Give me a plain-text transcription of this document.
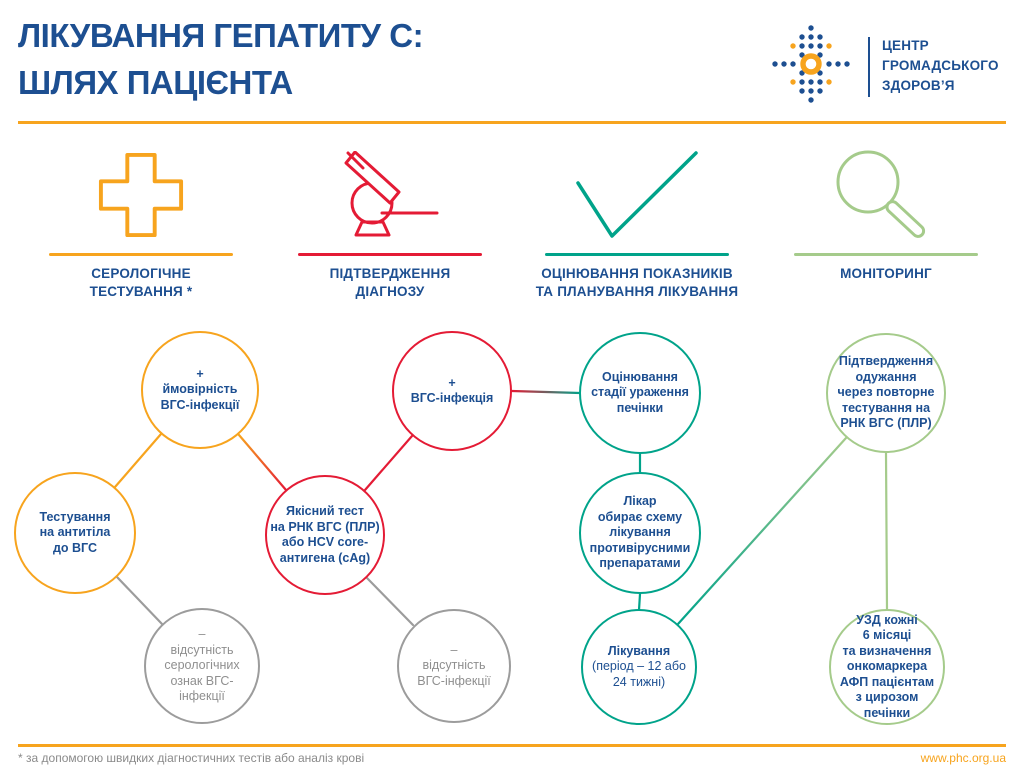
ЛІКУВАННЯ ГЕПАТИТУ С:
ШЛЯХ ПАЦІЄНТА
ЦЕНТР
ГРОМАДСЬКОГО
ЗДОРОВ’Я
СЕРОЛОГІЧНЕ
ТЕСТУВАННЯ *
ПІДТВЕРДЖЕННЯ
ДІАГНОЗУ
ОЦІНЮВАННЯ ПОКАЗНИКІВ
ТА ПЛАНУВАННЯ ЛІКУВАННЯ
МОНІТОРИНГ
+
ймовірність
ВГС-інфекції
Тестування
на антитіла
до ВГС
–
відсутність
серологічних
ознак ВГС-
інфекції
Якісний тест
на РНК ВГС (ПЛР)
або HCV core-
антигена (cAg)
+
ВГС-інфекція
–
відсутність
ВГС-інфекції
Оцінювання
стадії ураження
печінки
Лікар
обирає схему
лікування
противірусними
препаратами
Лікування
(період – 12 або
24 тижні)
Підтвердження
одужання
через повторне
тестування на
РНК ВГС (ПЛР)
УЗД кожні
6 місяці
та визначення
онкомаркера
АФП пацієнтам
з цирозом
печінки
* за допомогою швидких діагностичних тестів або аналіз крові	www.phc.org.ua
